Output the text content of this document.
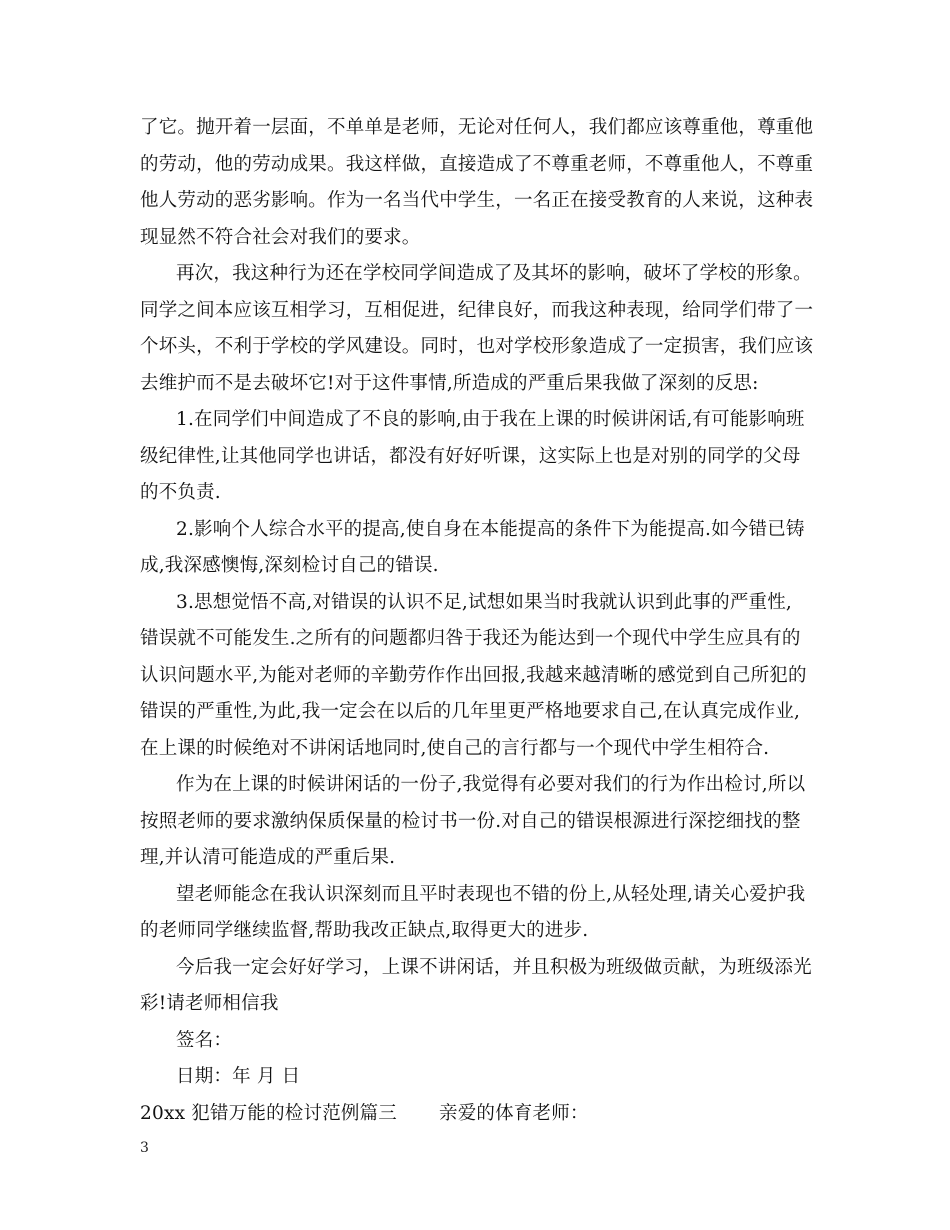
了它。抛开着一层面，不单单是老师，无论对任何人，我们都应该尊重他，尊重他
的劳动，他的劳动成果。我这样做，直接造成了不尊重老师，不尊重他人，不尊重
他人劳动的恶劣影响。作为一名当代中学生，一名正在接受教育的人来说，这种表
现显然不符合社会对我们的要求。
再次，我这种行为还在学校同学间造成了及其坏的影响，破坏了学校的形象。
同学之间本应该互相学习，互相促进，纪律良好，而我这种表现，给同学们带了一
个坏头，不利于学校的学风建设。同时，也对学校形象造成了一定损害，我们应该
去维护而不是去破坏它!对于这件事情,所造成的严重后果我做了深刻的反思:
1.在同学们中间造成了不良的影响,由于我在上课的时候讲闲话,有可能影响班
级纪律性,让其他同学也讲话，都没有好好听课，这实际上也是对别的同学的父母
的不负责.
2.影响个人综合水平的提高,使自身在本能提高的条件下为能提高.如今错已铸
成,我深感懊悔,深刻检讨自己的错误.
3.思想觉悟不高,对错误的认识不足,试想如果当时我就认识到此事的严重性,
错误就不可能发生.之所有的问题都归咎于我还为能达到一个现代中学生应具有的
认识问题水平,为能对老师的辛勤劳作作出回报,我越来越清晰的感觉到自己所犯的
错误的严重性,为此,我一定会在以后的几年里更严格地要求自己,在认真完成作业,
在上课的时候绝对不讲闲话地同时,使自己的言行都与一个现代中学生相符合.
作为在上课的时候讲闲话的一份子,我觉得有必要对我们的行为作出检讨,所以
按照老师的要求激纳保质保量的检讨书一份.对自己的错误根源进行深挖细找的整
理,并认清可能造成的严重后果.
望老师能念在我认识深刻而且平时表现也不错的份上,从轻处理,请关心爱护我
的老师同学继续监督,帮助我改正缺点,取得更大的进步.
今后我一定会好好学习，上课不讲闲话，并且积极为班级做贡献，为班级添光
彩!请老师相信我
签名：
日期：年 月 日
20xx 犯错万能的检讨范例篇三 亲爱的体育老师：
3
